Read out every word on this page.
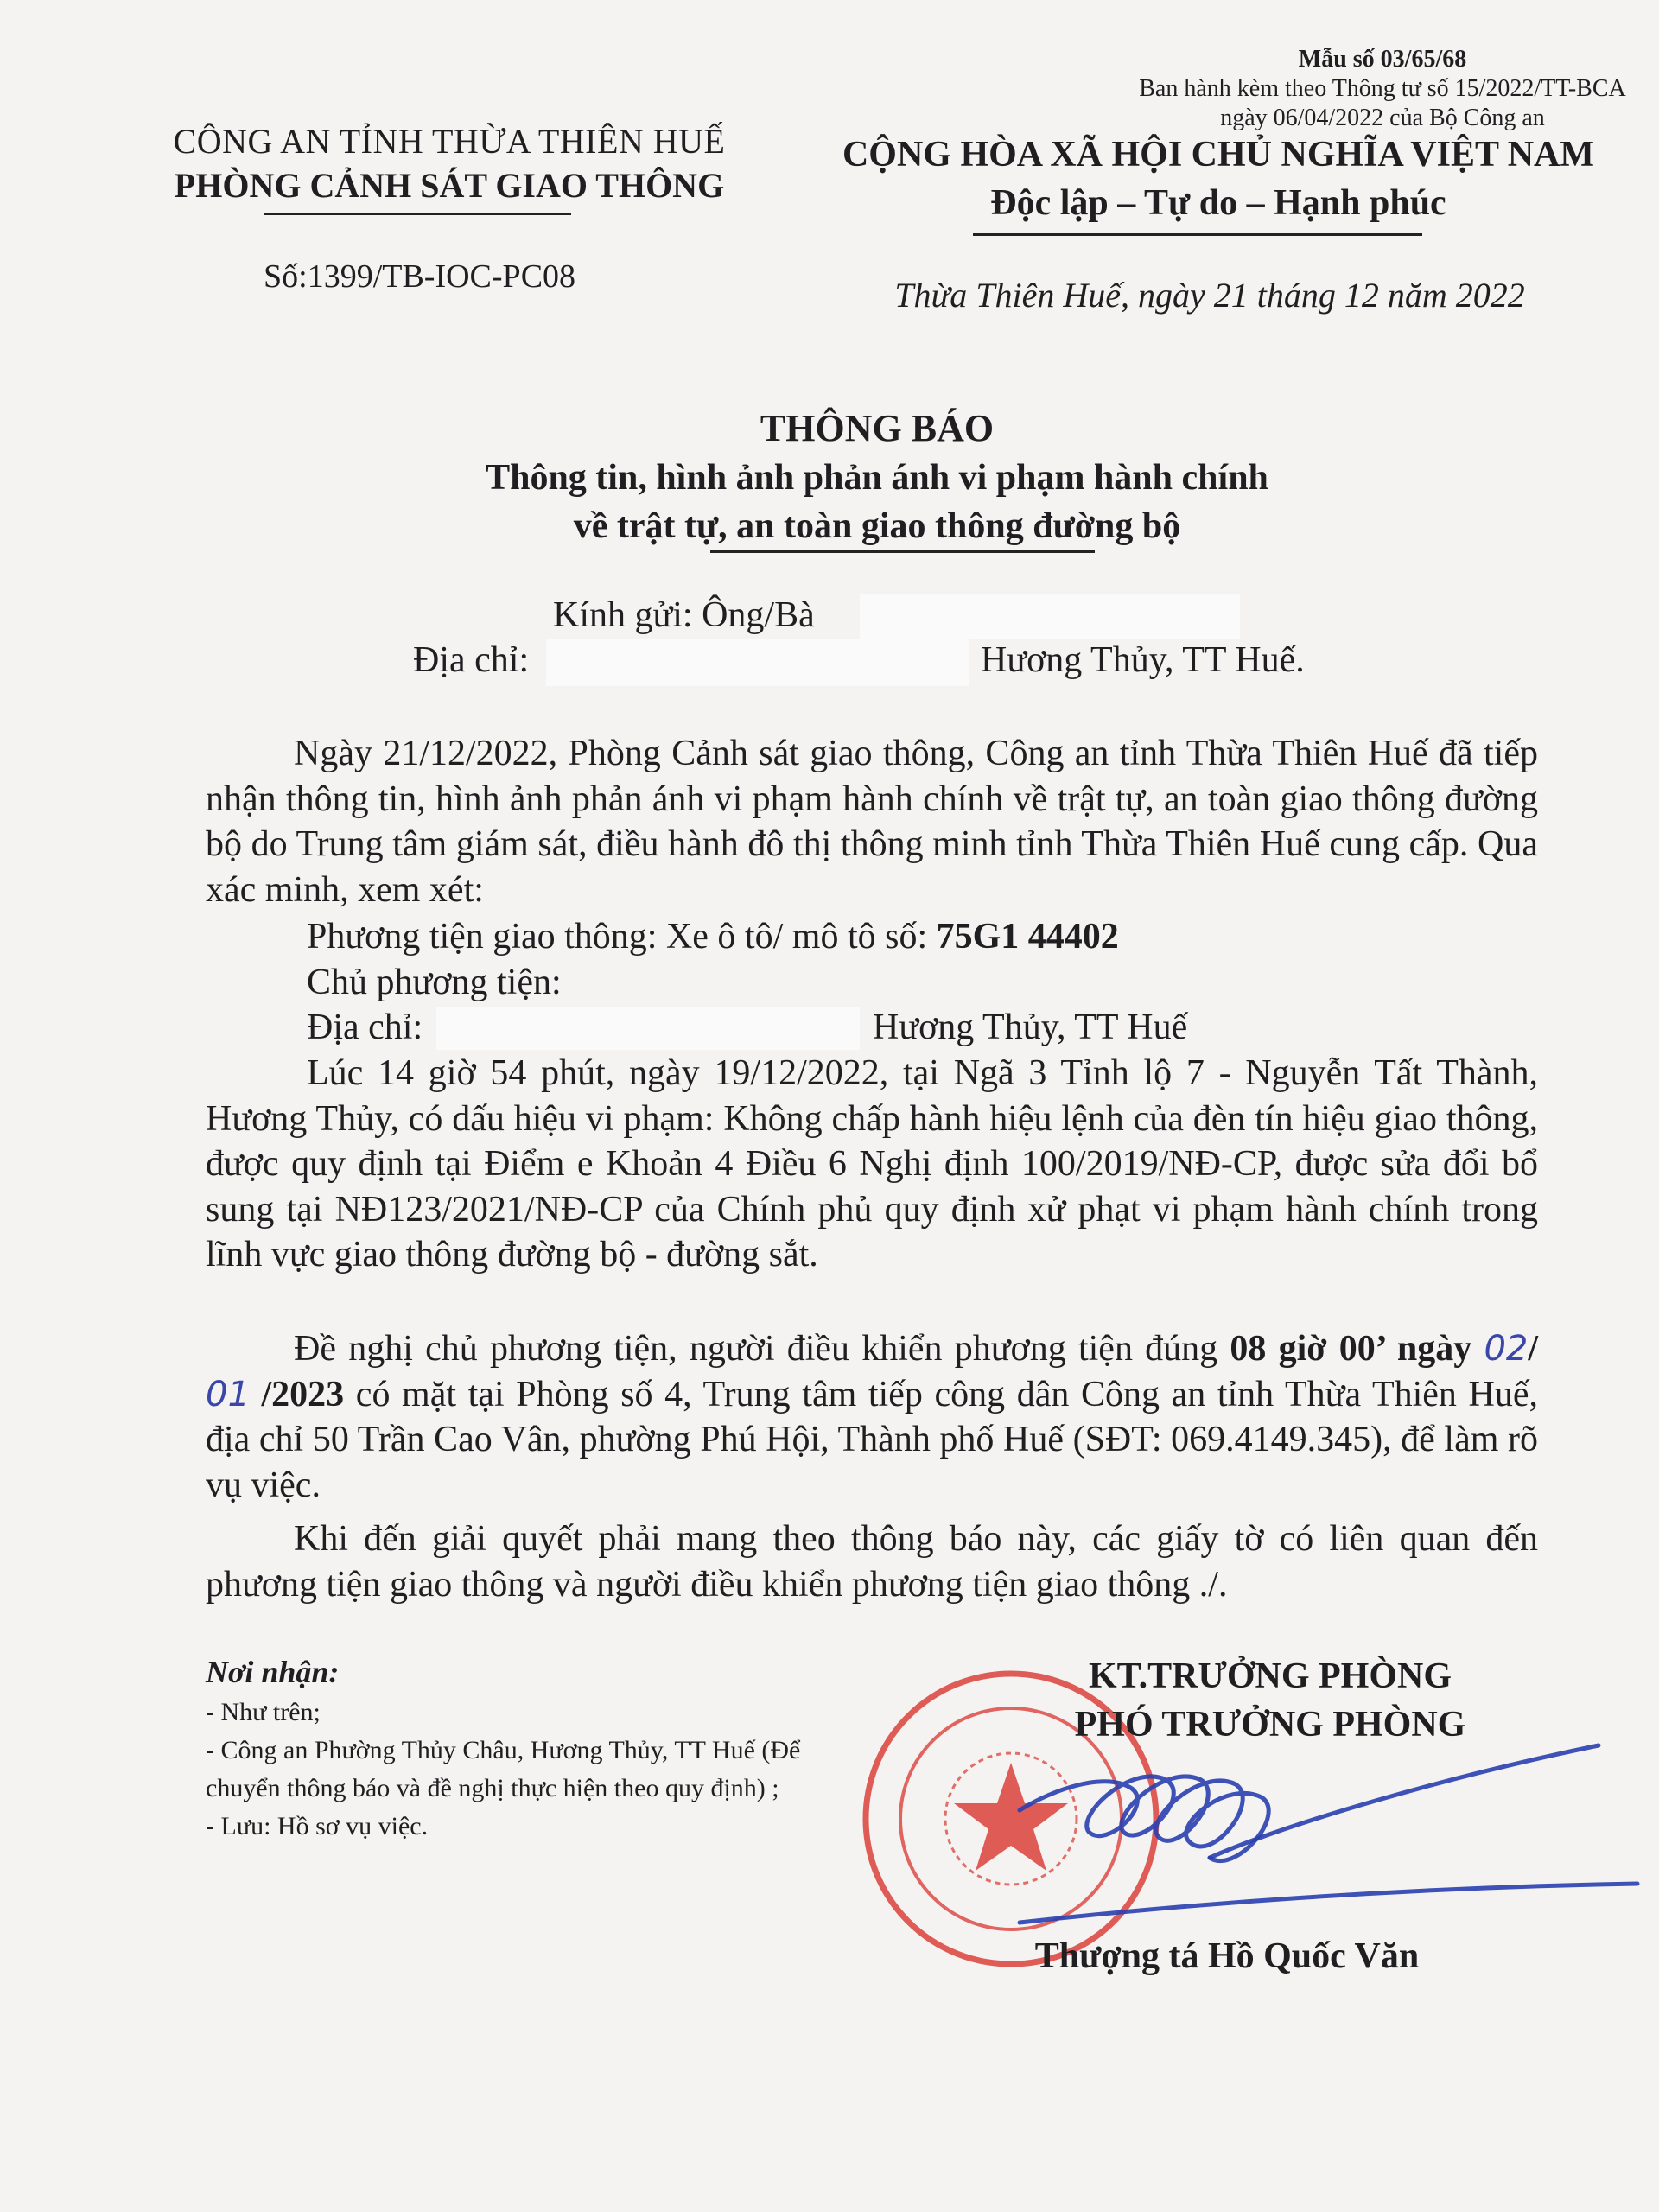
Mẫu số 03/65/68
Ban hành kèm theo Thông tư số 15/2022/TT-BCA
ngày 06/04/2022 của Bộ Công an
CÔNG AN TỈNH THỪA THIÊN HUẾ
PHÒNG CẢNH SÁT GIAO THÔNG
Số:1399/TB-IOC-PC08
CỘNG HÒA XÃ HỘI CHỦ NGHĨA VIỆT NAM
Độc lập – Tự do – Hạnh phúc
Thừa Thiên Huế, ngày 21 tháng 12 năm 2022
THÔNG BÁO
Thông tin, hình ảnh phản ánh vi phạm hành chính
về trật tự, an toàn giao thông đường bộ
Kính gửi: Ông/Bà
Địa chỉ:	Hương Thủy, TT Huế.
Ngày 21/12/2022, Phòng Cảnh sát giao thông, Công an tỉnh Thừa Thiên Huế đã tiếp nhận thông tin, hình ảnh phản ánh vi phạm hành chính về trật tự, an toàn giao thông đường bộ do Trung tâm giám sát, điều hành đô thị thông minh tỉnh Thừa Thiên Huế cung cấp. Qua xác minh, xem xét:
Phương tiện giao thông: Xe ô tô/ mô tô số: 75G1 44402
Chủ phương tiện:
Địa chỉ:	Hương Thủy, TT Huế
Lúc 14 giờ 54 phút, ngày 19/12/2022, tại Ngã 3 Tỉnh lộ 7 - Nguyễn Tất Thành, Hương Thủy, có dấu hiệu vi phạm: Không chấp hành hiệu lệnh của đèn tín hiệu giao thông, được quy định tại Điểm e Khoản 4 Điều 6 Nghị định 100/2019/NĐ-CP, được sửa đổi bổ sung tại NĐ123/2021/NĐ-CP của Chính phủ quy định xử phạt vi phạm hành chính trong lĩnh vực giao thông đường bộ - đường sắt.
Đề nghị chủ phương tiện, người điều khiển phương tiện đúng 08 giờ 00’ ngày 02/ 01 /2023 có mặt tại Phòng số 4, Trung tâm tiếp công dân Công an tỉnh Thừa Thiên Huế, địa chỉ 50 Trần Cao Vân, phường Phú Hội, Thành phố Huế (SĐT: 069.4149.345), để làm rõ vụ việc.
Khi đến giải quyết phải mang theo thông báo này, các giấy tờ có liên quan đến phương tiện giao thông và người điều khiển phương tiện giao thông ./.
Nơi nhận:
- Như trên;
- Công an Phường Thủy Châu, Hương Thủy, TT Huế (Để chuyển thông báo và đề nghị thực hiện theo quy định) ;
- Lưu: Hồ sơ vụ việc.
KT.TRƯỞNG PHÒNG
PHÓ TRƯỞNG PHÒNG
Thượng tá Hồ Quốc Văn
